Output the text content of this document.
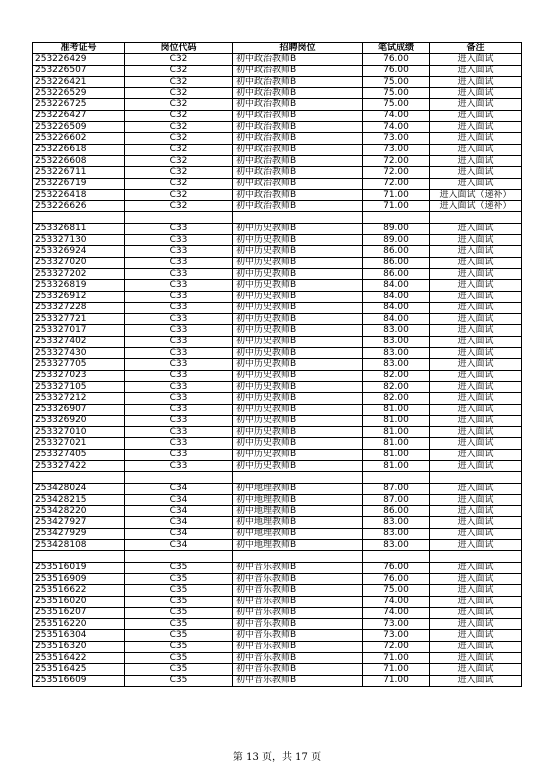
准考证号	岗位代码	招聘岗位	笔试成绩	备注
253226429	C32	初中政治教师B	76.00	进入面试
253226507	C32	初中政治教师B	76.00	进入面试
253226421	C32	初中政治教师B	75.00	进入面试
253226529	C32	初中政治教师B	75.00	进入面试
253226725	C32	初中政治教师B	75.00	进入面试
253226427	C32	初中政治教师B	74.00	进入面试
253226509	C32	初中政治教师B	74.00	进入面试
253226602	C32	初中政治教师B	73.00	进入面试
253226618	C32	初中政治教师B	73.00	进入面试
253226608	C32	初中政治教师B	72.00	进入面试
253226711	C32	初中政治教师B	72.00	进入面试
253226719	C32	初中政治教师B	72.00	进入面试
253226418	C32	初中政治教师B	71.00	进入面试（递补）
253226626	C32	初中政治教师B	71.00	进入面试（递补）

253326811	C33	初中历史教师B	89.00	进入面试
253327130	C33	初中历史教师B	89.00	进入面试
253326924	C33	初中历史教师B	86.00	进入面试
253327020	C33	初中历史教师B	86.00	进入面试
253327202	C33	初中历史教师B	86.00	进入面试
253326819	C33	初中历史教师B	84.00	进入面试
253326912	C33	初中历史教师B	84.00	进入面试
253327228	C33	初中历史教师B	84.00	进入面试
253327721	C33	初中历史教师B	84.00	进入面试
253327017	C33	初中历史教师B	83.00	进入面试
253327402	C33	初中历史教师B	83.00	进入面试
253327430	C33	初中历史教师B	83.00	进入面试
253327705	C33	初中历史教师B	83.00	进入面试
253327023	C33	初中历史教师B	82.00	进入面试
253327105	C33	初中历史教师B	82.00	进入面试
253327212	C33	初中历史教师B	82.00	进入面试
253326907	C33	初中历史教师B	81.00	进入面试
253326920	C33	初中历史教师B	81.00	进入面试
253327010	C33	初中历史教师B	81.00	进入面试
253327021	C33	初中历史教师B	81.00	进入面试
253327405	C33	初中历史教师B	81.00	进入面试
253327422	C33	初中历史教师B	81.00	进入面试

253428024	C34	初中地理教师B	87.00	进入面试
253428215	C34	初中地理教师B	87.00	进入面试
253428220	C34	初中地理教师B	86.00	进入面试
253427927	C34	初中地理教师B	83.00	进入面试
253427929	C34	初中地理教师B	83.00	进入面试
253428108	C34	初中地理教师B	83.00	进入面试

253516019	C35	初中音乐教师B	76.00	进入面试
253516909	C35	初中音乐教师B	76.00	进入面试
253516622	C35	初中音乐教师B	75.00	进入面试
253516020	C35	初中音乐教师B	74.00	进入面试
253516207	C35	初中音乐教师B	74.00	进入面试
253516220	C35	初中音乐教师B	73.00	进入面试
253516304	C35	初中音乐教师B	73.00	进入面试
253516320	C35	初中音乐教师B	72.00	进入面试
253516422	C35	初中音乐教师B	71.00	进入面试
253516425	C35	初中音乐教师B	71.00	进入面试
253516609	C35	初中音乐教师B	71.00	进入面试
第 13 页，共 17 页
